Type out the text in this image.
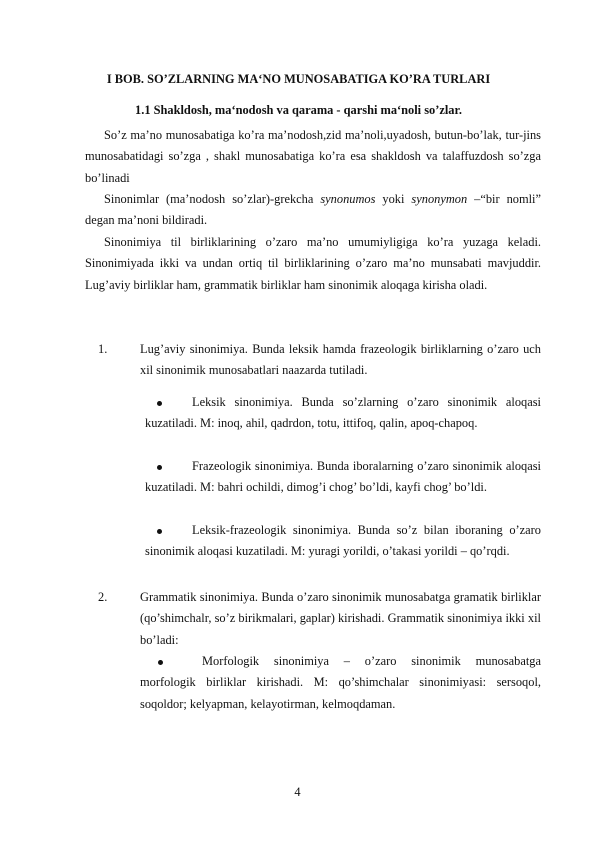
I BOB. SO’ZLARNING MA‘NO MUNOSABATIGA KO’RA TURLARI
1.1 Shakldosh, ma‘nodosh va qarama - qarshi ma‘noli so’zlar.
So’z ma’no munosabatiga ko’ra ma’nodosh,zid ma’noli,uyadosh, butun-bo’lak, tur-jins munosabatidagi so’zga , shakl munosabatiga ko’ra esa shakldosh va talaffuzdosh so’zga bo’linadi
Sinonimlar (ma’nodosh so’zlar)-grekcha synonumos yoki synonymon –“bir nomli” degan ma’noni bildiradi.
Sinonimiya til birliklarining o’zaro ma’no umumiyligiga ko’ra yuzaga keladi. Sinonimiyada ikki va undan ortiq til birliklarining o’zaro ma’no munsabati mavjuddir. Lug’aviy birliklar ham, grammatik birliklar ham sinonimik aloqaga kirisha oladi.
1.	Lug’aviy sinonimiya. Bunda leksik hamda frazeologik birliklarning o’zaro uch xil sinonimik munosabatlari naazarda tutiladi.
Leksik sinonimiya. Bunda so’zlarning o’zaro sinonimik aloqasi kuzatiladi. M: inoq, ahil, qadrdon, totu, ittifoq, qalin, apoq-chapoq.
Frazeologik sinonimiya. Bunda iboralarning o’zaro sinonimik aloqasi kuzatiladi. M: bahri ochildi, dimog’i chog’ bo’ldi, kayfi chog’ bo’ldi.
Leksik-frazeologik sinonimiya. Bunda so’z bilan iboraning o’zaro sinonimik aloqasi kuzatiladi. M: yuragi yorildi, o’takasi yorildi – qo’rqdi.
2.	Grammatik sinonimiya. Bunda o’zaro sinonimik munosabatga gramatik birliklar (qo’shimchalr, so’z birikmalari, gaplar) kirishadi. Grammatik sinonimiya ikki xil bo’ladi:
Morfologik sinonimiya – o’zaro sinonimik munosabatga morfologik birliklar kirishadi. M: qo’shimchalar sinonimiyasi: sersoqol, soqoldor; kelyapman, kelayotirman, kelmoqdaman.
4
